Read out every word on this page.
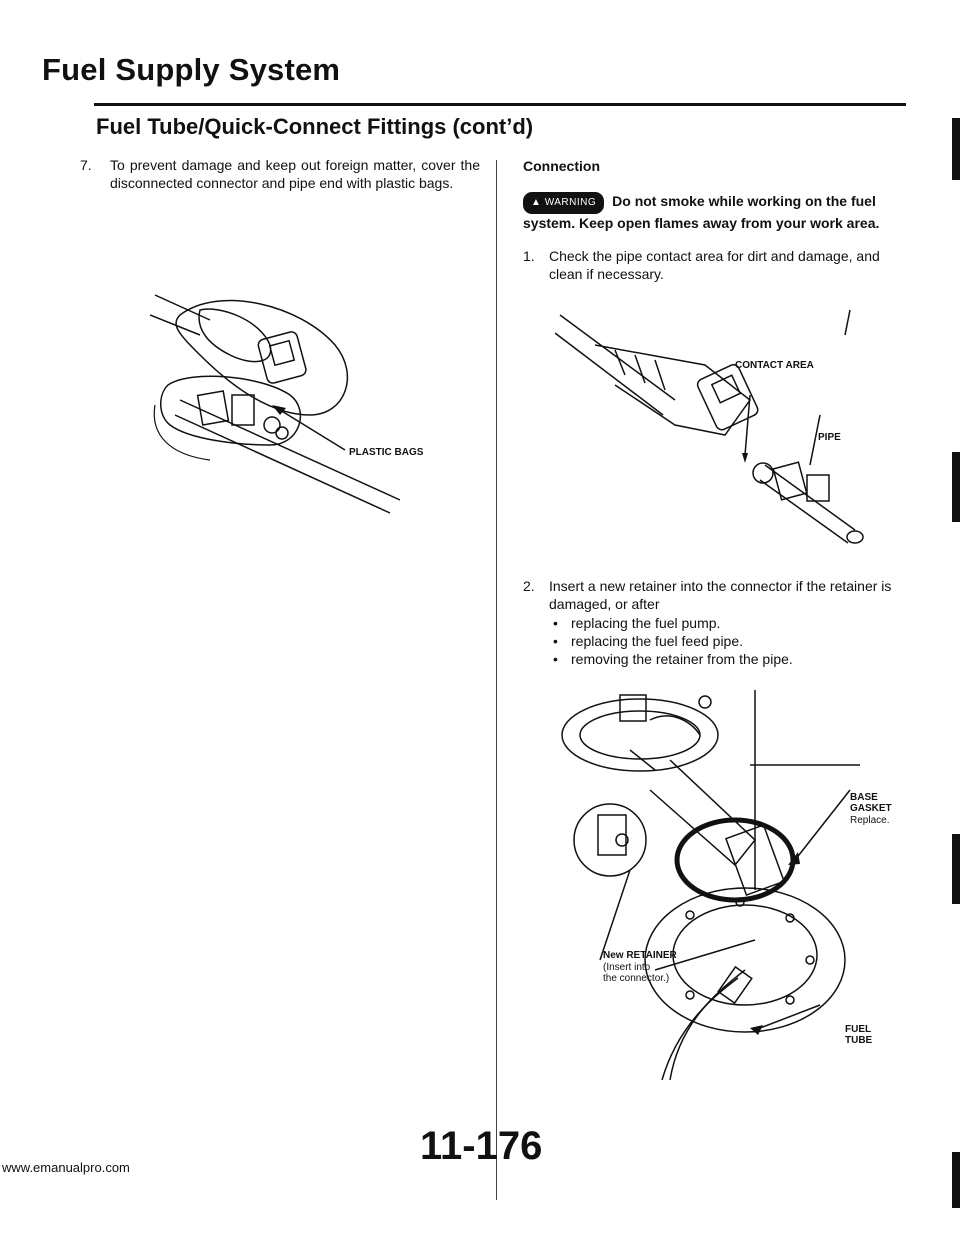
Fuel Supply System
Fuel Tube/Quick-Connect Fittings (cont’d)
7. To prevent damage and keep out foreign matter, cover the disconnected connector and pipe end with plastic bags.
PLASTIC BAGS
Connection
▲ WARNING Do not smoke while working on the fuel system. Keep open flames away from your work area.
1. Check the pipe contact area for dirt and damage, and clean if necessary.
CONTACT AREA
PIPE
2. Insert a new retainer into the connector if the retainer is damaged, or after
• replacing the fuel pump.
• replacing the fuel feed pipe.
• removing the retainer from the pipe.
BASE
GASKET
Replace.
New RETAINER
(Insert into
the connector.)
FUEL
TUBE
11-176
www.emanualpro.com
